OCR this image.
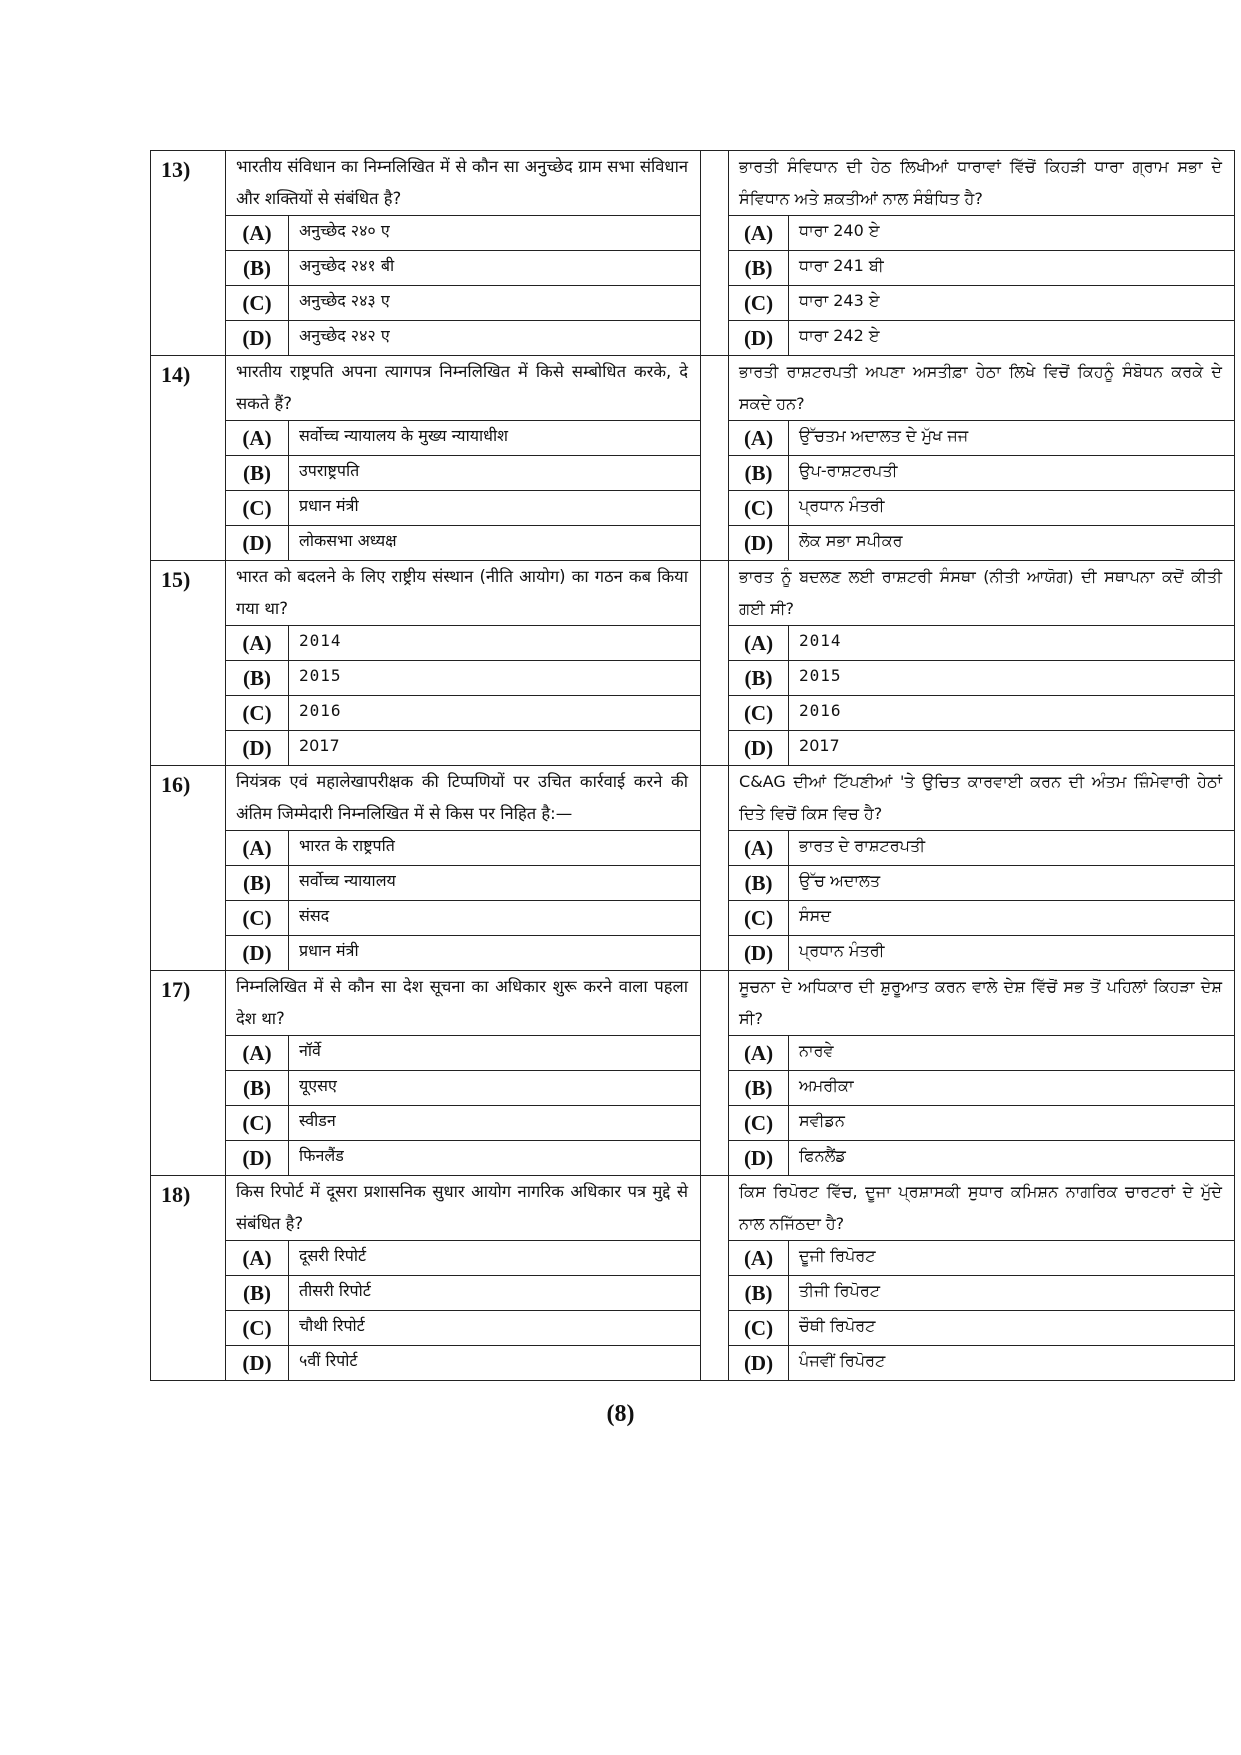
13)	भारतीय संविधान का निम्नलिखित में से कौन सा अनुच्छेद ग्राम सभा संविधान और शक्तियों से संबंधित है?			ਭਾਰਤੀ ਸੰਵਿਧਾਨ ਦੀ ਹੇਠ ਲਿਖੀਆਂ ਧਾਰਾਵਾਂ ਵਿੱਚੋਂ ਕਿਹੜੀ ਧਾਰਾ ਗ੍ਰਾਮ ਸਭਾ ਦੇ ਸੰਵਿਧਾਨ ਅਤੇ ਸ਼ਕਤੀਆਂ ਨਾਲ ਸੰਬੰਧਿਤ ਹੈ?	
	(A)	अनुच्छेद २४० ए		(A)	ਧਾਰਾ 240 ਏ
	(B)	अनुच्छेद २४१ बी		(B)	ਧਾਰਾ 241 ਬੀ
	(C)	अनुच्छेद २४३ ए		(C)	ਧਾਰਾ 243 ਏ
	(D)	अनुच्छेद २४२ ए		(D)	ਧਾਰਾ 242 ਏ
14)	भारतीय राष्ट्रपति अपना त्यागपत्र निम्नलिखित में किसे सम्बोधित करके, दे सकते हैं?			ਭਾਰਤੀ ਰਾਸ਼ਟਰਪਤੀ ਅਪਣਾ ਅਸਤੀਫ਼ਾ ਹੇਠਾ ਲਿਖੇ ਵਿਚੋਂ ਕਿਹਨੂੰ ਸੰਬੋਧਨ ਕਰਕੇ ਦੇ ਸਕਦੇ ਹਨ?	
	(A)	सर्वोच्च न्यायालय के मुख्य न्यायाधीश		(A)	ਉੱਚਤਮ ਅਦਾਲਤ ਦੇ ਮੁੱਖ ਜਜ
	(B)	उपराष्ट्रपति		(B)	ਉਪ-ਰਾਸ਼ਟਰਪਤੀ
	(C)	प्रधान मंत्री		(C)	ਪ੍ਰਧਾਨ ਮੰਤਰੀ
	(D)	लोकसभा अध्यक्ष		(D)	ਲੋਕ ਸਭਾ ਸਪੀਕਰ
15)	भारत को बदलने के लिए राष्ट्रीय संस्थान (नीति आयोग) का गठन कब किया गया था?			ਭਾਰਤ ਨੂੰ ਬਦਲਣ ਲਈ ਰਾਸ਼ਟਰੀ ਸੰਸਥਾ (ਨੀਤੀ ਆਯੋਗ) ਦੀ ਸਥਾਪਨਾ ਕਦੋਂ ਕੀਤੀ ਗਈ ਸੀ?	
	(A)	2014		(A)	2014
	(B)	2015		(B)	2015
	(C)	2016		(C)	2016
	(D)	2017		(D)	2017
16)	नियंत्रक एवं महालेखापरीक्षक की टिप्पणियों पर उचित कार्रवाई करने की अंतिम जिम्मेदारी निम्नलिखित में से किस पर निहित है:—			C&AG ਦੀਆਂ ਟਿੱਪਣੀਆਂ 'ਤੇ ਉਚਿਤ ਕਾਰਵਾਈ ਕਰਨ ਦੀ ਅੰਤਮ ਜ਼ਿੰਮੇਵਾਰੀ ਹੇਠਾਂ ਦਿਤੇ ਵਿਚੋਂ ਕਿਸ ਵਿਚ ਹੈ?	
	(A)	भारत के राष्ट्रपति		(A)	ਭਾਰਤ ਦੇ ਰਾਸ਼ਟਰਪਤੀ
	(B)	सर्वोच्च न्यायालय		(B)	ਉੱਚ ਅਦਾਲਤ
	(C)	संसद		(C)	ਸੰਸਦ
	(D)	प्रधान मंत्री		(D)	ਪ੍ਰਧਾਨ ਮੰਤਰੀ
17)	निम्नलिखित में से कौन सा देश सूचना का अधिकार शुरू करने वाला पहला देश था?			ਸੂਚਨਾ ਦੇ ਅਧਿਕਾਰ ਦੀ ਸ਼ੁਰੂਆਤ ਕਰਨ ਵਾਲੇ ਦੇਸ਼ ਵਿੱਚੋਂ ਸਭ ਤੋਂ ਪਹਿਲਾਂ ਕਿਹੜਾ ਦੇਸ਼ ਸੀ?	
	(A)	नॉर्वे		(A)	ਨਾਰਵੇ
	(B)	यूएसए		(B)	ਅਮਰੀਕਾ
	(C)	स्वीडन		(C)	ਸਵੀਡਨ
	(D)	फिनलैंड		(D)	ਫਿਨਲੈਂਡ
18)	किस रिपोर्ट में दूसरा प्रशासनिक सुधार आयोग नागरिक अधिकार पत्र मुद्दे से संबंधित है?			ਕਿਸ ਰਿਪੋਰਟ ਵਿੱਚ, ਦੂਜਾ ਪ੍ਰਸ਼ਾਸਕੀ ਸੁਧਾਰ ਕਮਿਸ਼ਨ ਨਾਗਰਿਕ ਚਾਰਟਰਾਂ ਦੇ ਮੁੱਦੇ ਨਾਲ ਨਜਿੱਠਦਾ ਹੈ?	
	(A)	दूसरी रिपोर्ट		(A)	ਦੂਜੀ ਰਿਪੋਰਟ
	(B)	तीसरी रिपोर्ट		(B)	ਤੀਜੀ ਰਿਪੋਰਟ
	(C)	चौथी रिपोर्ट		(C)	ਚੌਥੀ ਰਿਪੋਰਟ
	(D)	५वीं रिपोर्ट		(D)	ਪੰਜਵੀਂ ਰਿਪੋਰਟ
(8)
